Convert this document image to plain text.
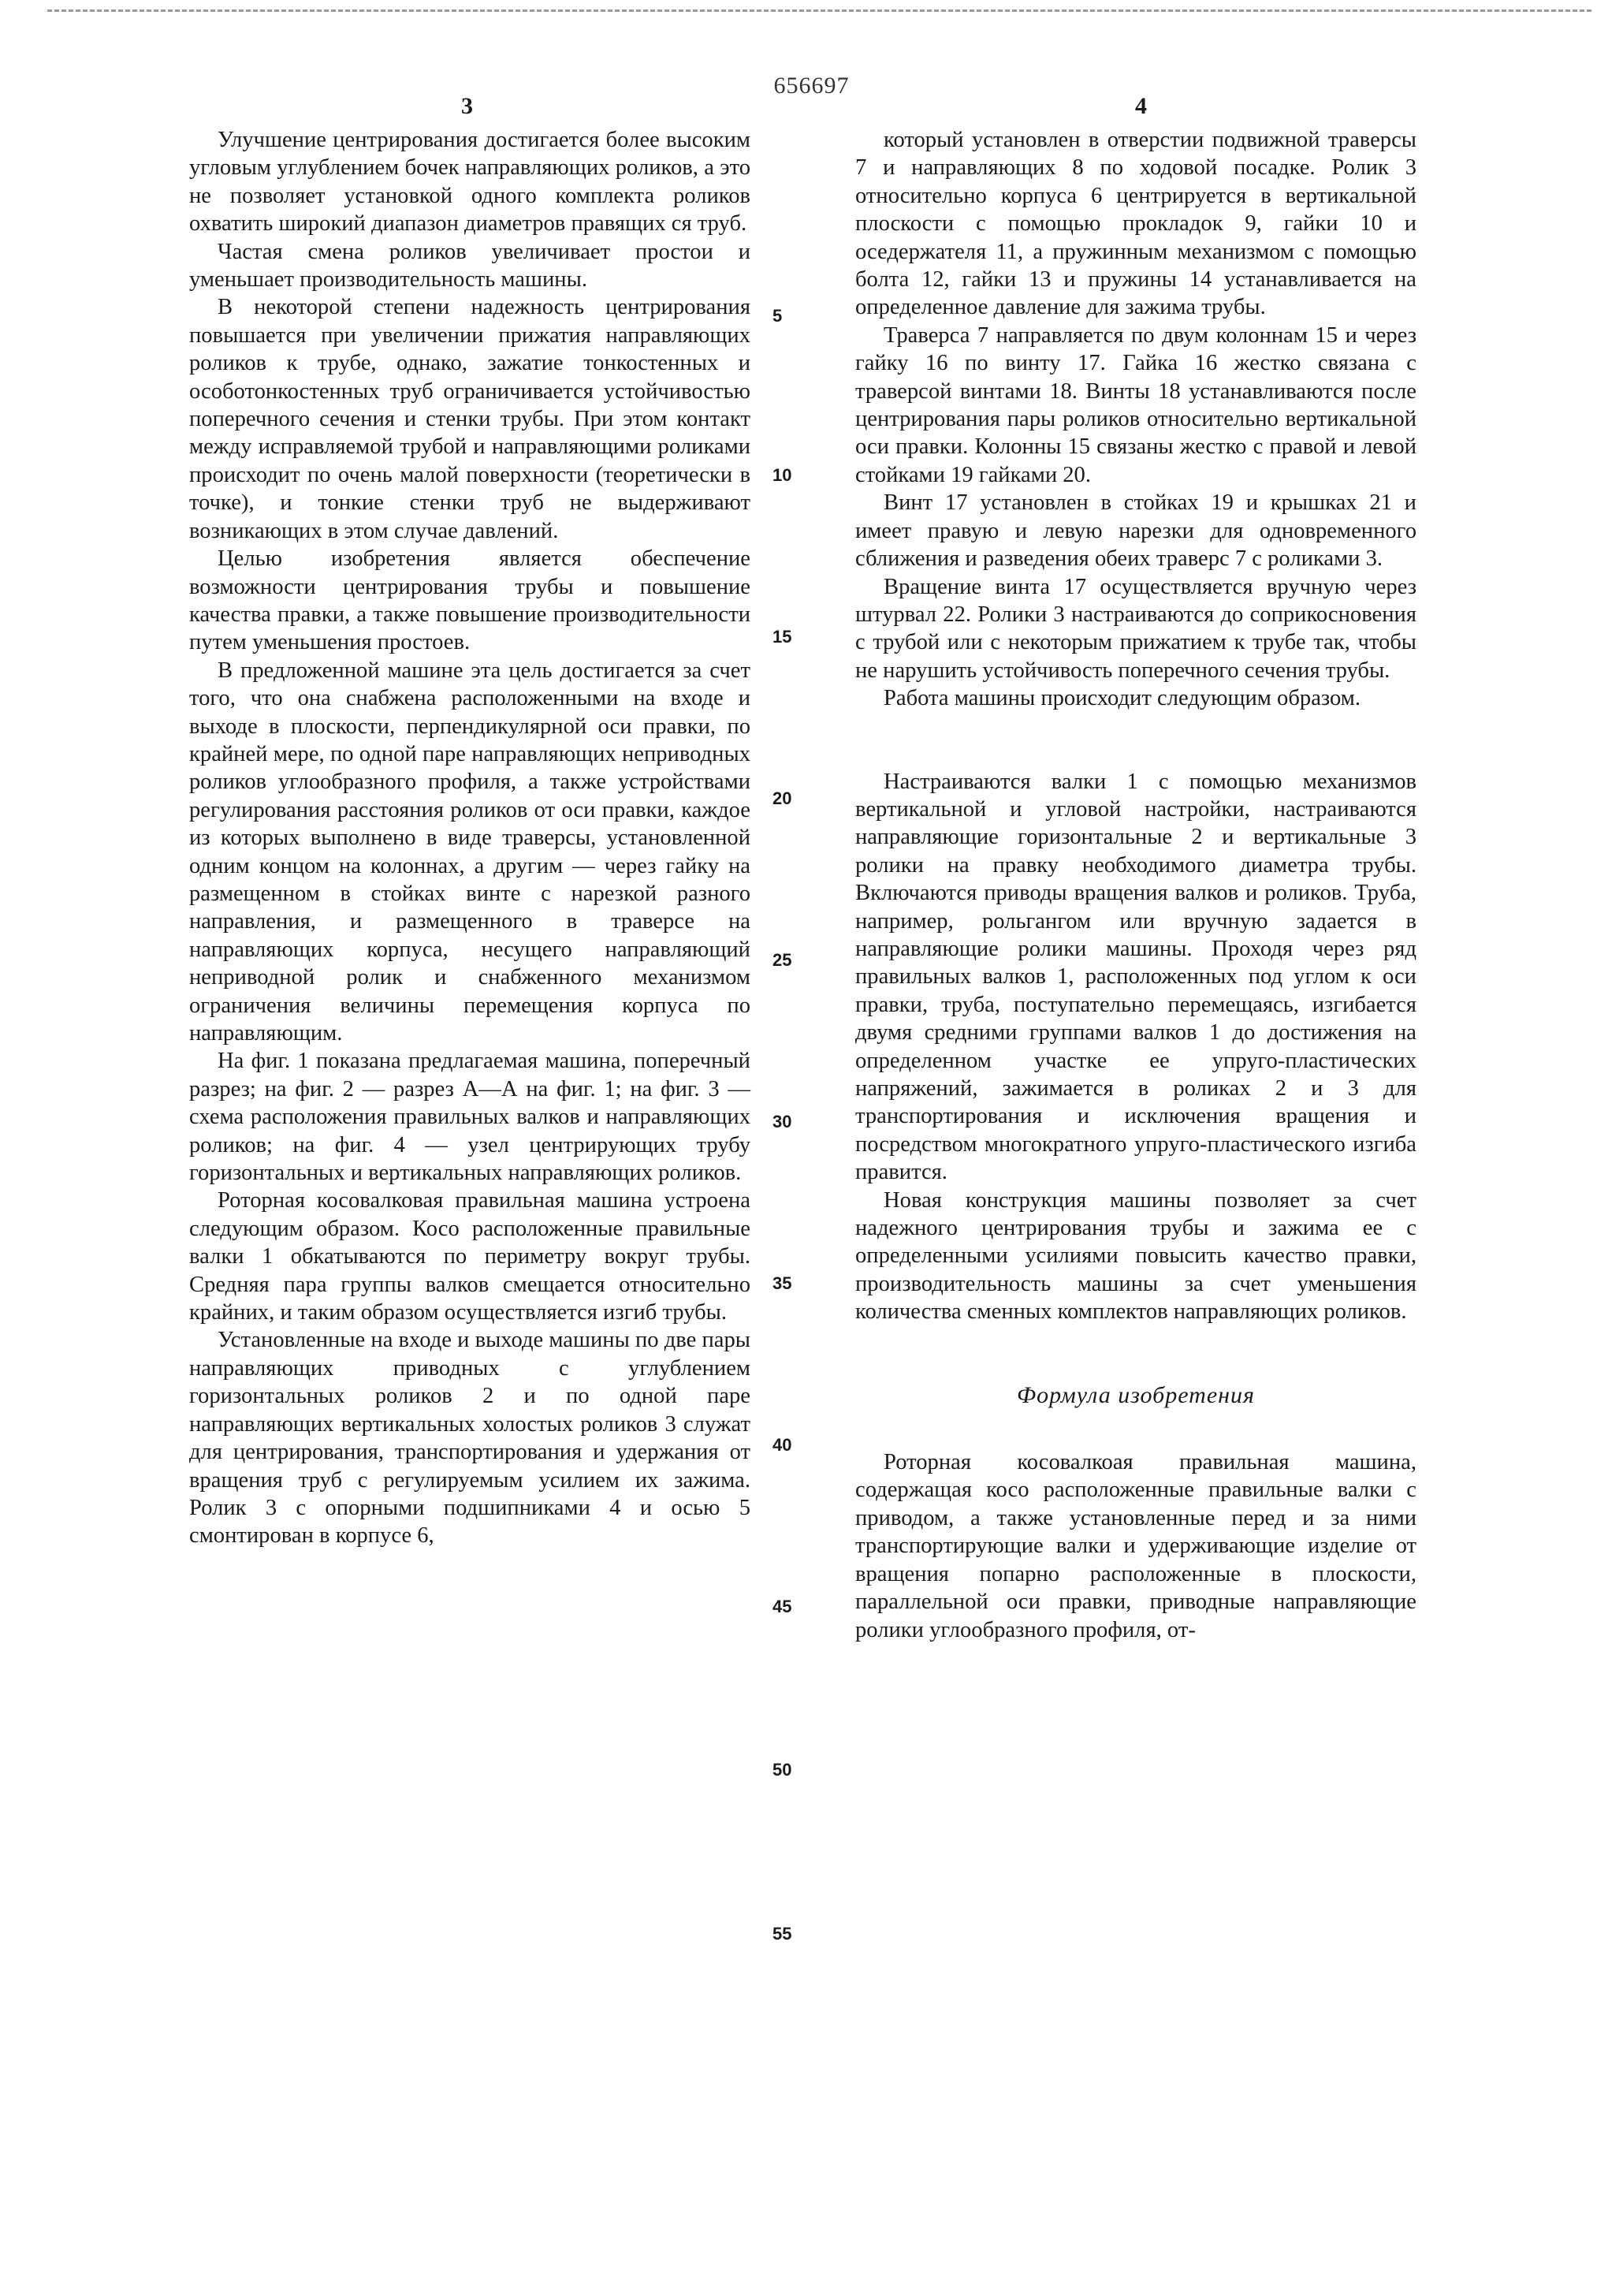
656697
3	4

Улучшение центрирования достигается более высоким угловым углублением бочек направляющих роликов, а это не позволяет установкой одного комплекта роликов охватить широкий диапазон диаметров правящих ся труб.

Частая смена роликов увеличивает простои и уменьшает производительность машины.

В некоторой степени надежность центрирования повышается при увеличении прижатия направляющих роликов к трубе, однако, зажатие тонкостенных и особотонкостенных труб ограничивается устойчивостью поперечного сечения и стенки трубы. При этом контакт между исправляемой трубой и направляющими роликами происходит по очень малой поверхности (теоретически в точке), и тонкие стенки труб не выдерживают возникающих в этом случае давлений.

Целью изобретения является обеспечение возможности центрирования трубы и повышение качества правки, а также повышение производительности путем уменьшения простоев.

В предложенной машине эта цель достигается за счет того, что она снабжена расположенными на входе и выходе в плоскости, перпендикулярной оси правки, по крайней мере, по одной паре направляющих неприводных роликов углообразного профиля, а также устройствами регулирования расстояния роликов от оси правки, каждое из которых выполнено в виде траверсы, установленной одним концом на колоннах, а другим — через гайку на размещенном в стойках винте с нарезкой разного направления, и размещенного в траверсе на направляющих корпуса, несущего направляющий неприводной ролик и снабженного механизмом ограничения величины перемещения корпуса по направляющим.

На фиг. 1 показана предлагаемая машина, поперечный разрез; на фиг. 2 — разрез А—А на фиг. 1; на фиг. 3 — схема расположения правильных валков и направляющих роликов; на фиг. 4 — узел центрирующих трубу горизонтальных и вертикальных направляющих роликов.

Роторная косовалковая правильная машина устроена следующим образом. Косо расположенные правильные валки 1 обкатываются по периметру вокруг трубы. Средняя пара группы валков смещается относительно крайних, и таким образом осуществляется изгиб трубы.

Установленные на входе и выходе машины по две пары направляющих приводных с углублением горизонтальных роликов 2 и по одной паре направляющих вертикальных холостых роликов 3 служат для центрирования, транспортирования и удержания от вращения труб с регулируемым усилием их зажима. Ролик 3 с опорными подшипниками 4 и осью 5 смонтирован в корпусе 6,

5
10
15
20
25
30
35
40
45
50
55

который установлен в отверстии подвижной траверсы 7 и направляющих 8 по ходовой посадке. Ролик 3 относительно корпуса 6 центрируется в вертикальной плоскости с помощью прокладок 9, гайки 10 и оседержателя 11, а пружинным механизмом с помощью болта 12, гайки 13 и пружины 14 устанавливается на определенное давление для зажима трубы.

Траверса 7 направляется по двум колоннам 15 и через гайку 16 по винту 17. Гайка 16 жестко связана с траверсой винтами 18. Винты 18 устанавливаются после центрирования пары роликов относительно вертикальной оси правки. Колонны 15 связаны жестко с правой и левой стойками 19 гайками 20.

Винт 17 установлен в стойках 19 и крышках 21 и имеет правую и левую нарезки для одновременного сближения и разведения обеих траверс 7 с роликами 3.

Вращение винта 17 осуществляется вручную через штурвал 22. Ролики 3 настраиваются до соприкосновения с трубой или с некоторым прижатием к трубе так, чтобы не нарушить устойчивость поперечного сечения трубы.

Работа машины происходит следующим образом.

Настраиваются валки 1 с помощью механизмов вертикальной и угловой настройки, настраиваются направляющие горизонтальные 2 и вертикальные 3 ролики на правку необходимого диаметра трубы. Включаются приводы вращения валков и роликов. Труба, например, рольгангом или вручную задается в направляющие ролики машины. Проходя через ряд правильных валков 1, расположенных под углом к оси правки, труба, поступательно перемещаясь, изгибается двумя средними группами валков 1 до достижения на определенном участке ее упруго-пластических напряжений, зажимается в роликах 2 и 3 для транспортирования и исключения вращения и посредством многократного упруго-пластического изгиба правится.

Новая конструкция машины позволяет за счет надежного центрирования трубы и зажима ее с определенными усилиями повысить качество правки, производительность машины за счет уменьшения количества сменных комплектов направляющих роликов.

Формула изобретения

Роторная косовалкоая правильная машина, содержащая косо расположенные правильные валки с приводом, а также установленные перед и за ними транспортирующие валки и удерживающие изделие от вращения попарно расположенные в плоскости, параллельной оси правки, приводные направляющие ролики углообразного профиля, от-
